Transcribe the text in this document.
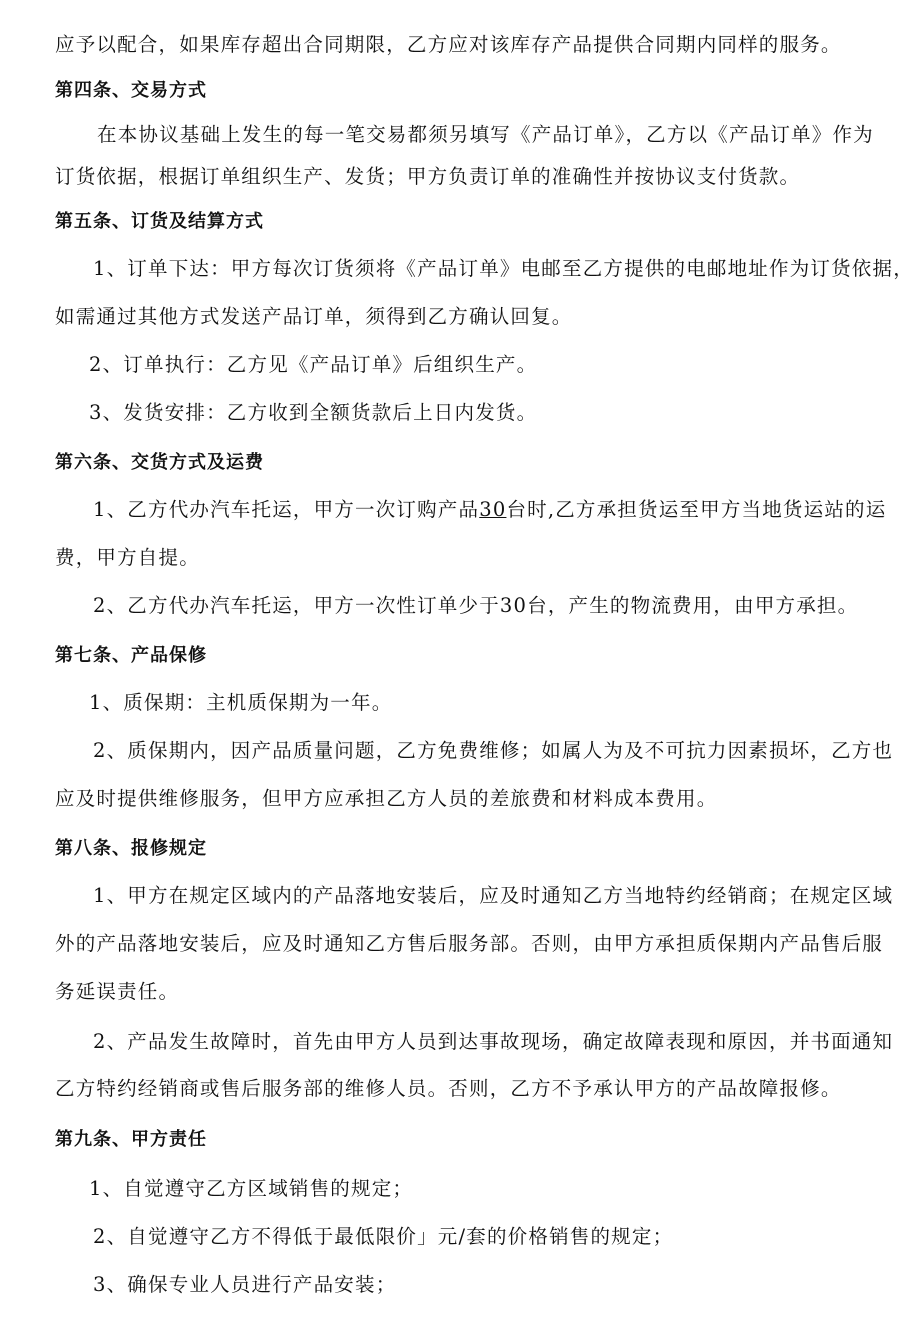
应予以配合，如果库存超出合同期限，乙方应对该库存产品提供合同期内同样的服务。
第四条、交易方式
在本协议基础上发生的每一笔交易都须另填写《产品订单》，乙方以《产品订单》作为
订货依据，根据订单组织生产、发货；甲方负责订单的准确性并按协议支付货款。
第五条、订货及结算方式
1、订单下达：甲方每次订货须将《产品订单》电邮至乙方提供的电邮地址作为订货依据，
如需通过其他方式发送产品订单，须得到乙方确认回复。
2、订单执行：乙方见《产品订单》后组织生产。
3、发货安排：乙方收到全额货款后上日内发货。
第六条、交货方式及运费
1、乙方代办汽车托运，甲方一次订购产品30台时,乙方承担货运至甲方当地货运站的运
费，甲方自提。
2、乙方代办汽车托运，甲方一次性订单少于30台，产生的物流费用，由甲方承担。
第七条、产品保修
1、质保期：主机质保期为一年。
2、质保期内，因产品质量问题，乙方免费维修；如属人为及不可抗力因素损坏，乙方也
应及时提供维修服务，但甲方应承担乙方人员的差旅费和材料成本费用。
第八条、报修规定
1、甲方在规定区域内的产品落地安装后，应及时通知乙方当地特约经销商；在规定区域
外的产品落地安装后，应及时通知乙方售后服务部。否则，由甲方承担质保期内产品售后服
务延误责任。
2、产品发生故障时，首先由甲方人员到达事故现场，确定故障表现和原因，并书面通知
乙方特约经销商或售后服务部的维修人员。否则，乙方不予承认甲方的产品故障报修。
第九条、甲方责任
1、自觉遵守乙方区域销售的规定；
2、自觉遵守乙方不得低于最低限价」元/套的价格销售的规定；
3、确保专业人员进行产品安装；
